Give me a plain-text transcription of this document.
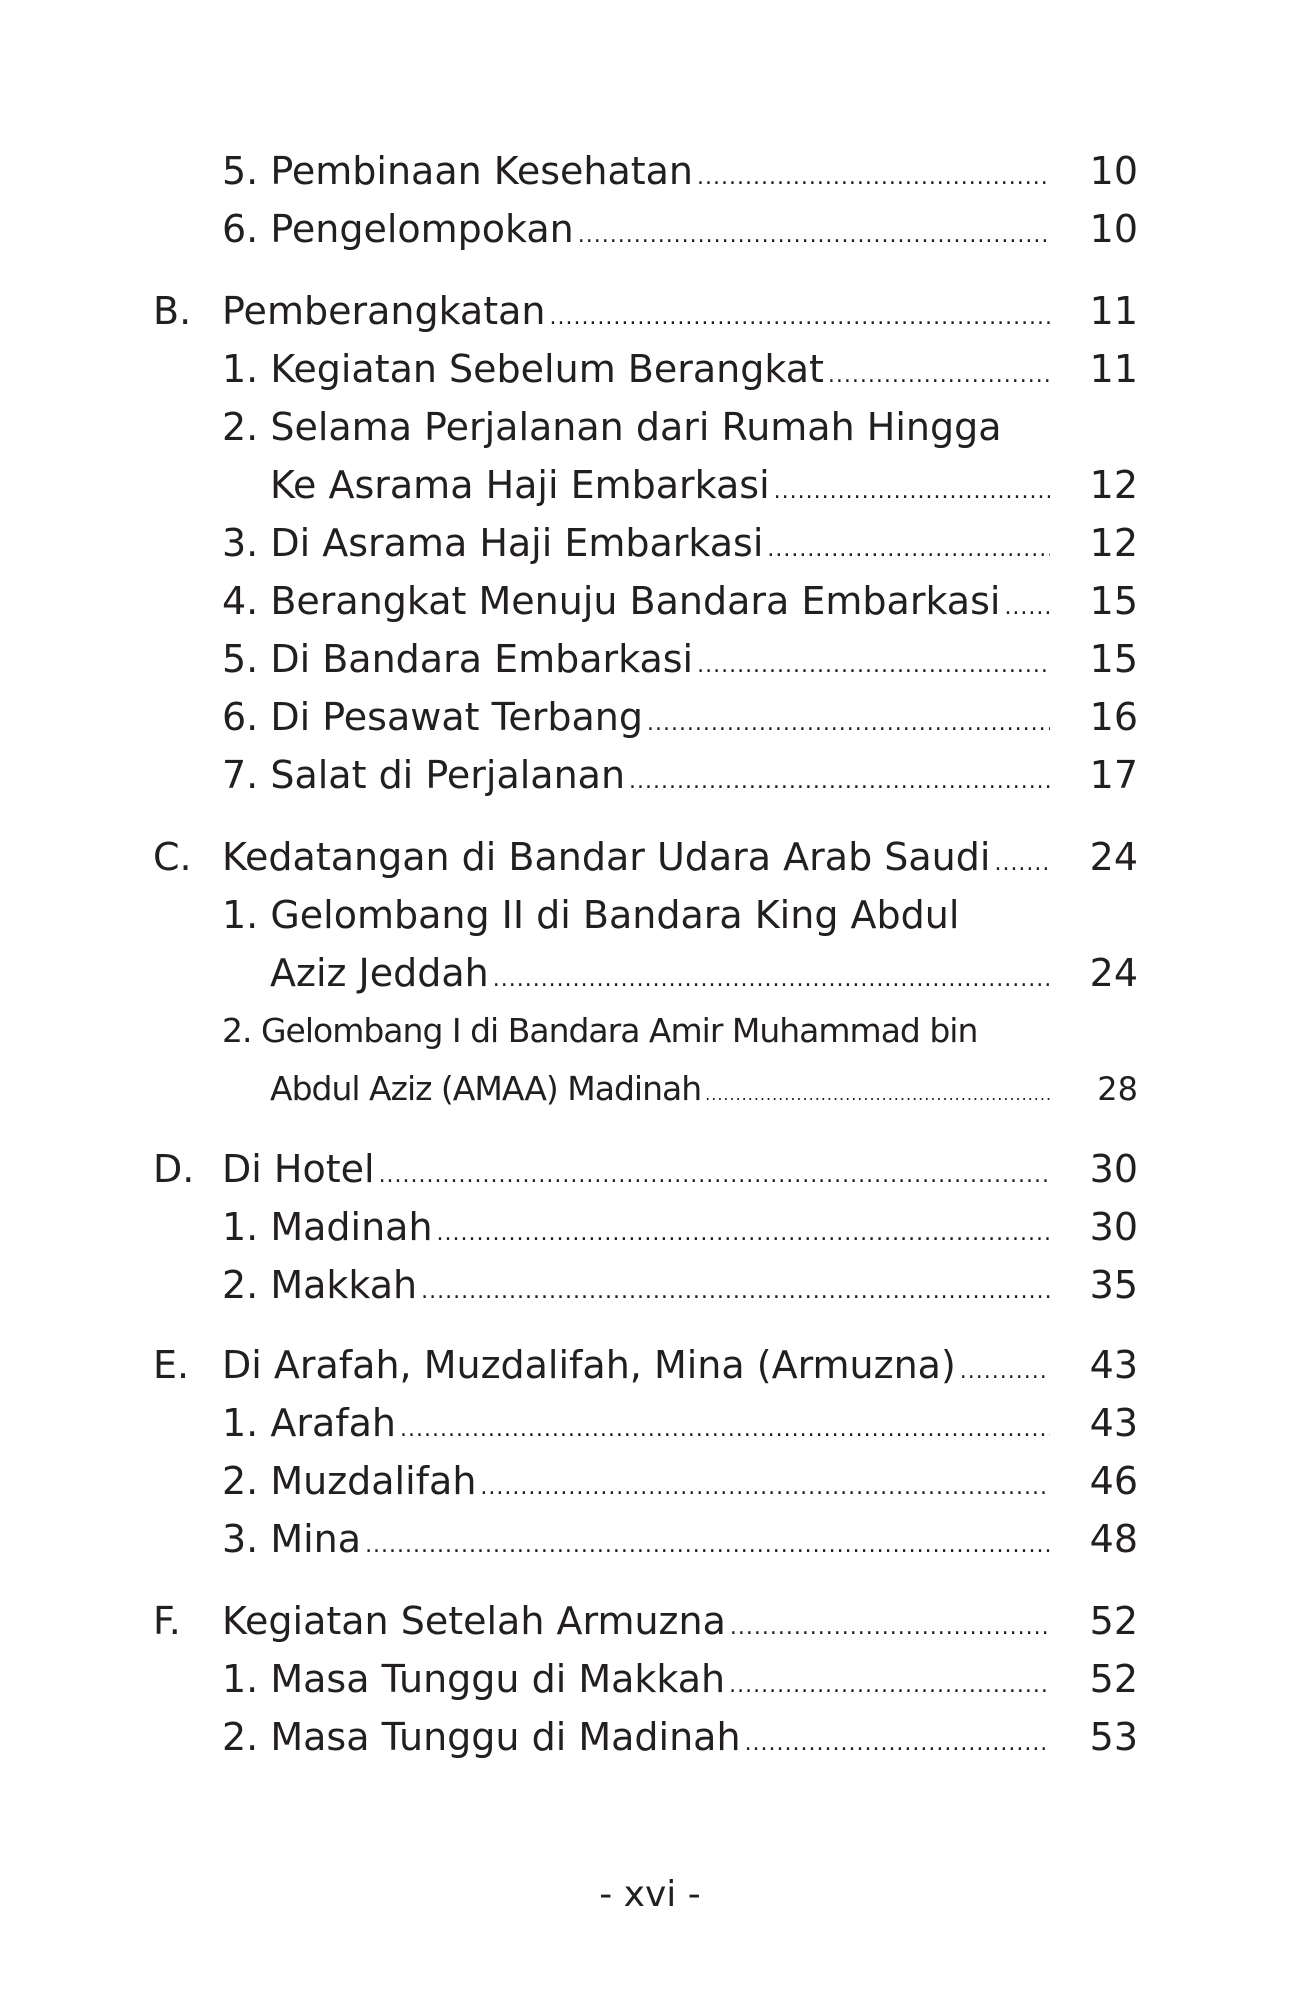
5. Pembinaan Kesehatan .....	10
6. Pengelompokan .....	10
B. Pemberangkatan .....	11
1. Kegiatan Sebelum Berangkat .....	11
2. Selama Perjalanan dari Rumah Hingga
Ke Asrama Haji Embarkasi .....	12
3. Di Asrama Haji Embarkasi .....	12
4. Berangkat Menuju Bandara Embarkasi .....	15
5. Di Bandara Embarkasi .....	15
6. Di Pesawat Terbang .....	16
7. Salat di Perjalanan .....	17
C. Kedatangan di Bandar Udara Arab Saudi .....	24
1. Gelombang II di Bandara King Abdul
Aziz Jeddah .....	24
2. Gelombang I di Bandara Amir Muhammad bin
Abdul Aziz (AMAA) Madinah .....	28
D. Di Hotel .....	30
1. Madinah .....	30
2. Makkah .....	35
E. Di Arafah, Muzdalifah, Mina (Armuzna) .....	43
1. Arafah .....	43
2. Muzdalifah .....	46
3. Mina .....	48
F. Kegiatan Setelah Armuzna .....	52
1. Masa Tunggu di Makkah .....	52
2. Masa Tunggu di Madinah .....	53
- xvi -
